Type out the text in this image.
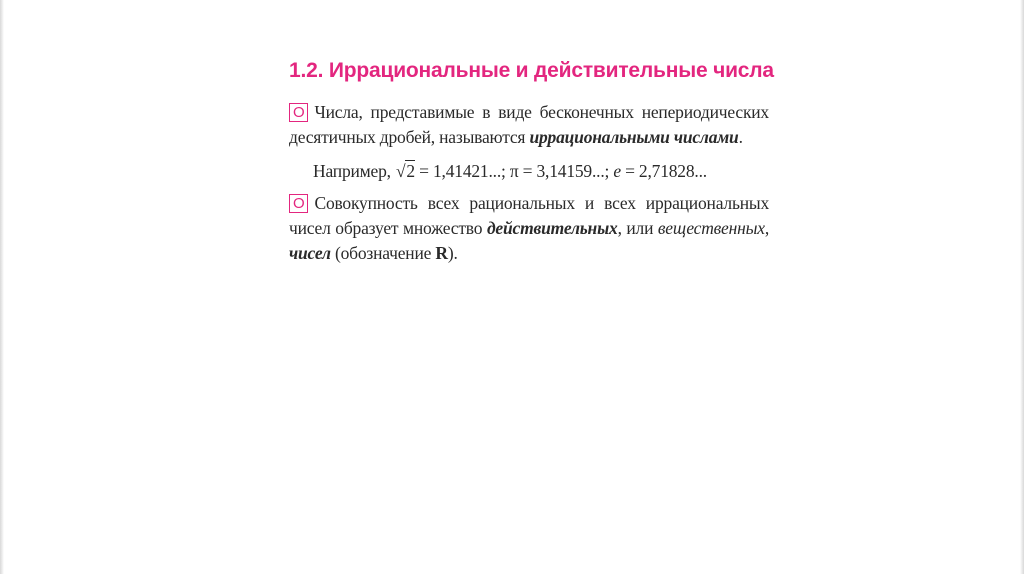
1.2. Иррациональные и действительные числа

О Числа, представимые в виде бесконечных непериодических десятичных дробей, называются иррациональными числами.

Например, √2 = 1,41421...; π = 3,14159...; e = 2,71828...

О Совокупность всех рациональных и всех иррациональных чисел образует множество действительных, или вещественных, чисел (обозначение R).
